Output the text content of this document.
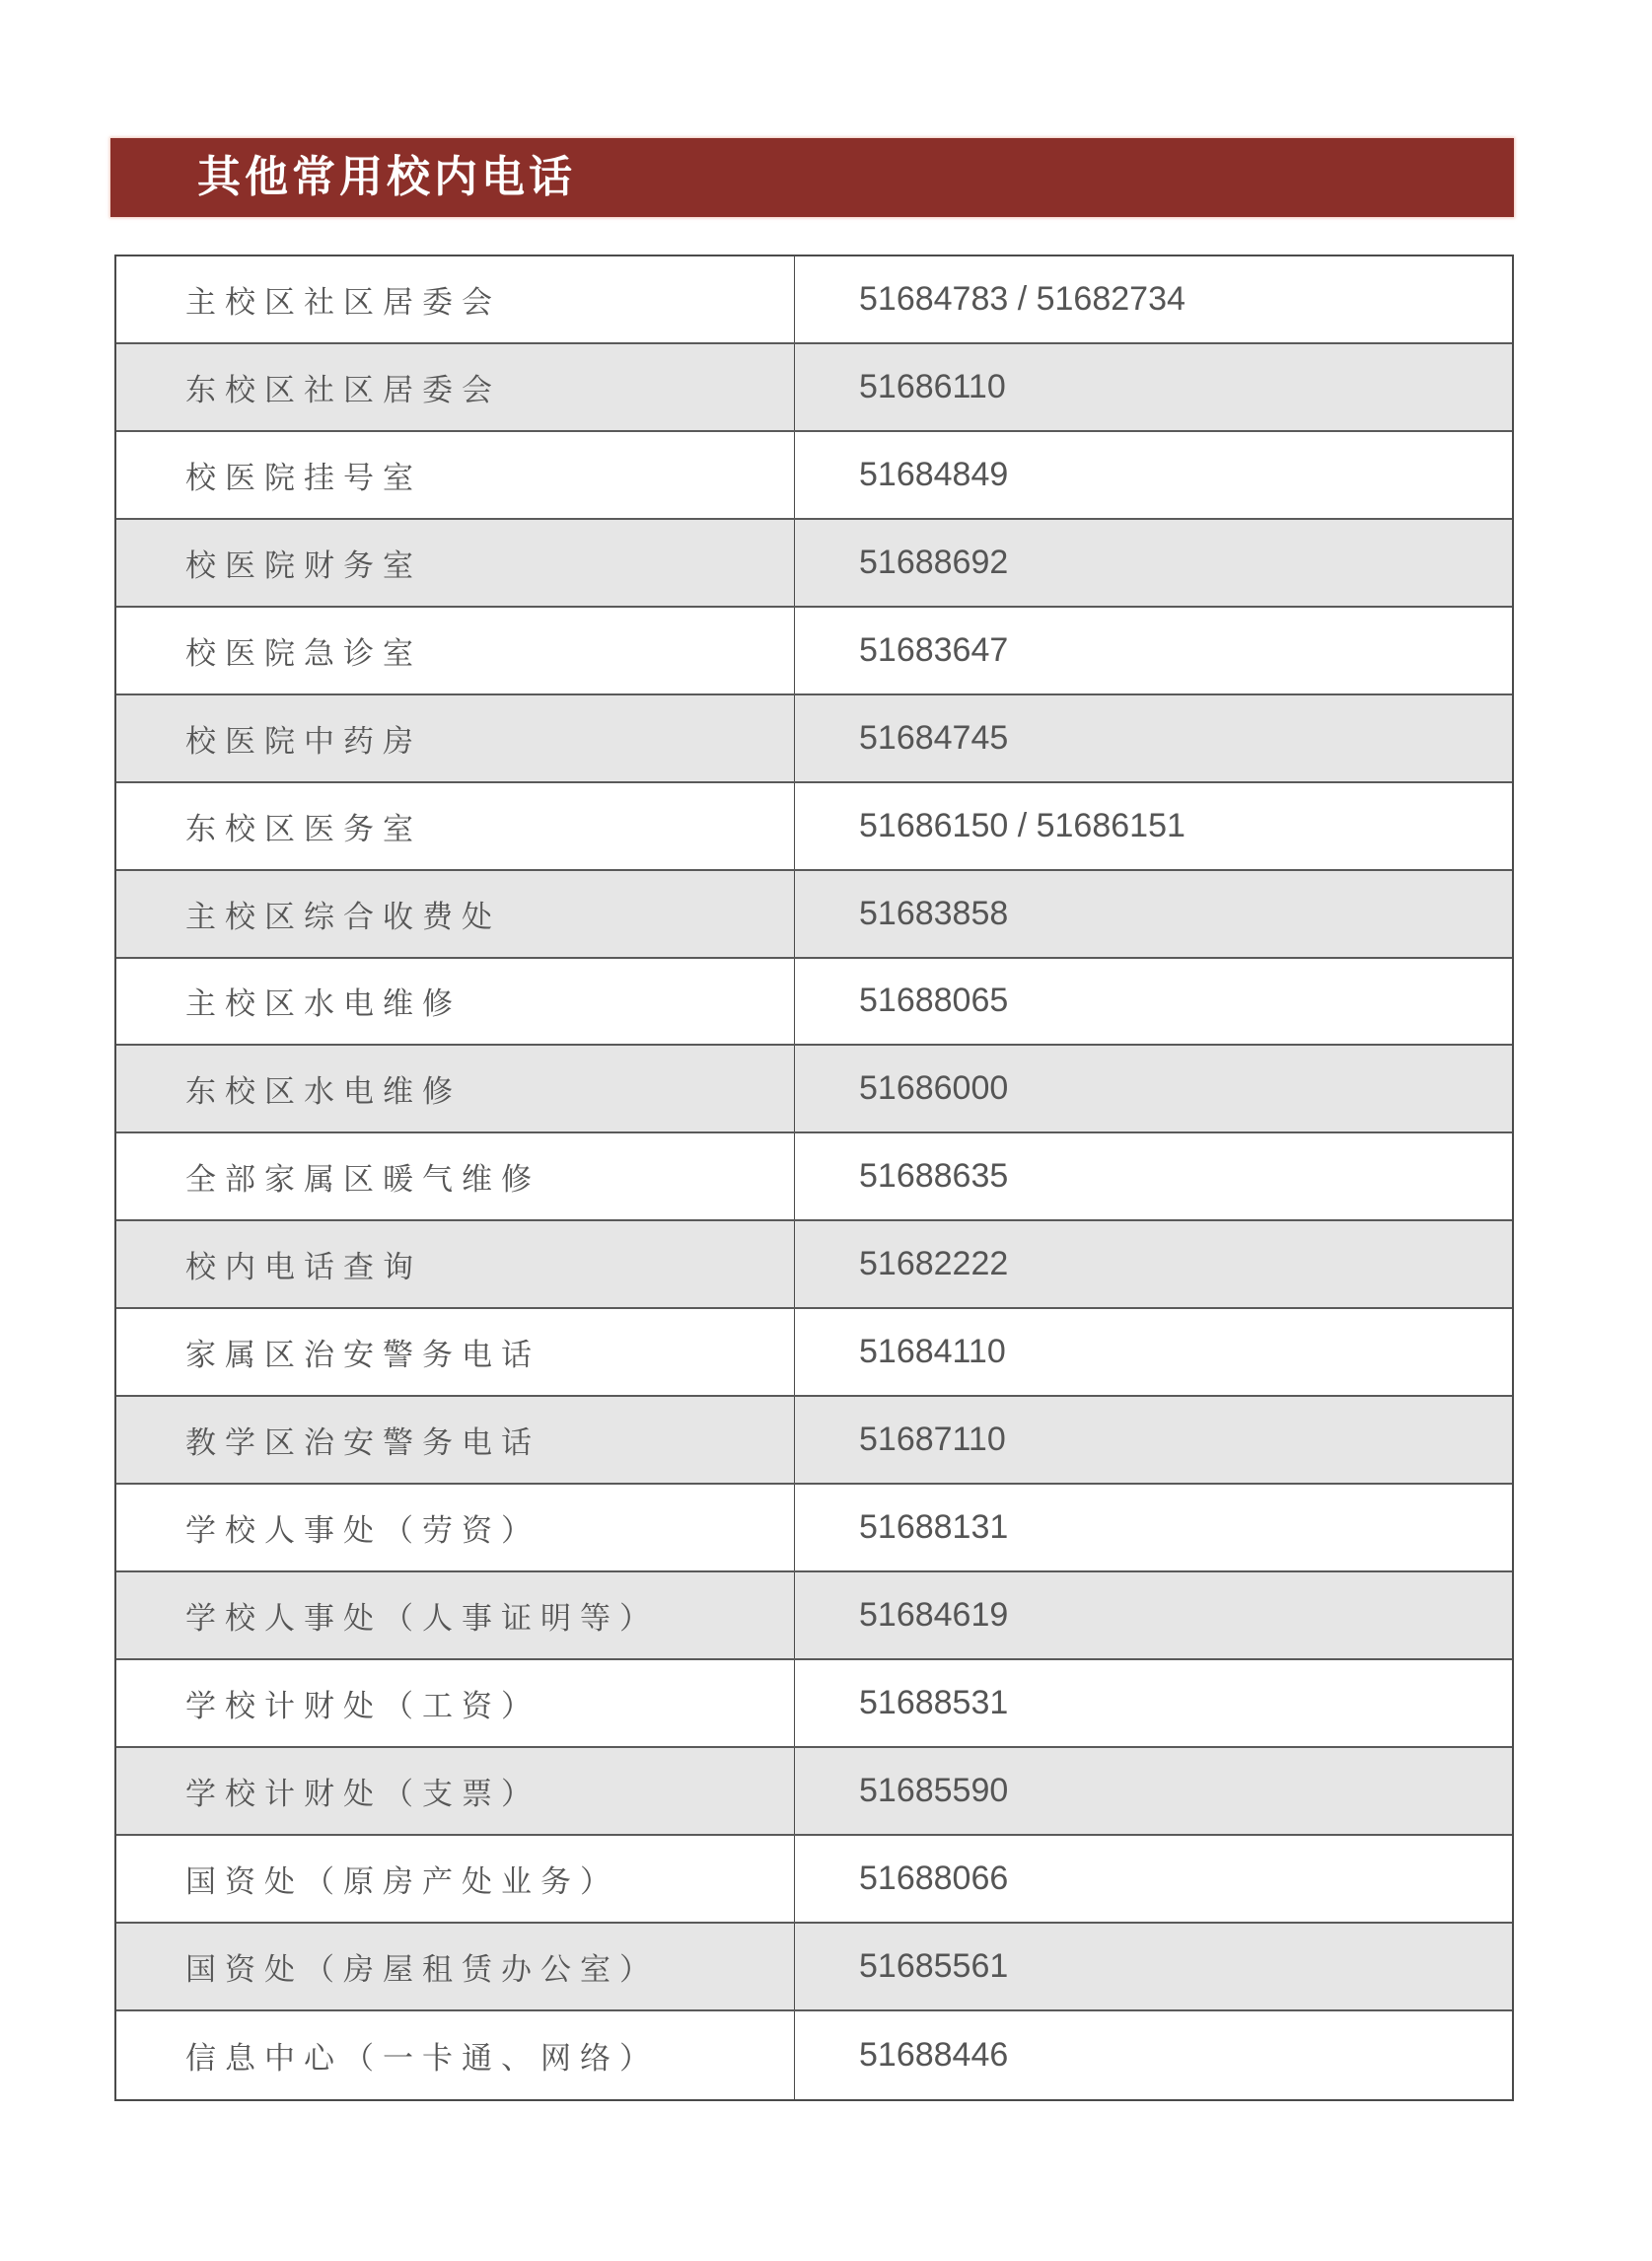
其他常用校内电话
主校区社区居委会	51684783 / 51682734
东校区社区居委会	51686110
校医院挂号室	51684849
校医院财务室	51688692
校医院急诊室	51683647
校医院中药房	51684745
东校区医务室	51686150 / 51686151
主校区综合收费处	51683858
主校区水电维修	51688065
东校区水电维修	51686000
全部家属区暖气维修	51688635
校内电话查询	51682222
家属区治安警务电话	51684110
教学区治安警务电话	51687110
学校人事处（劳资）	51688131
学校人事处（人事证明等）	51684619
学校计财处（工资）	51688531
学校计财处（支票）	51685590
国资处（原房产处业务）	51688066
国资处（房屋租赁办公室）	51685561
信息中心（一卡通、网络）	51688446
